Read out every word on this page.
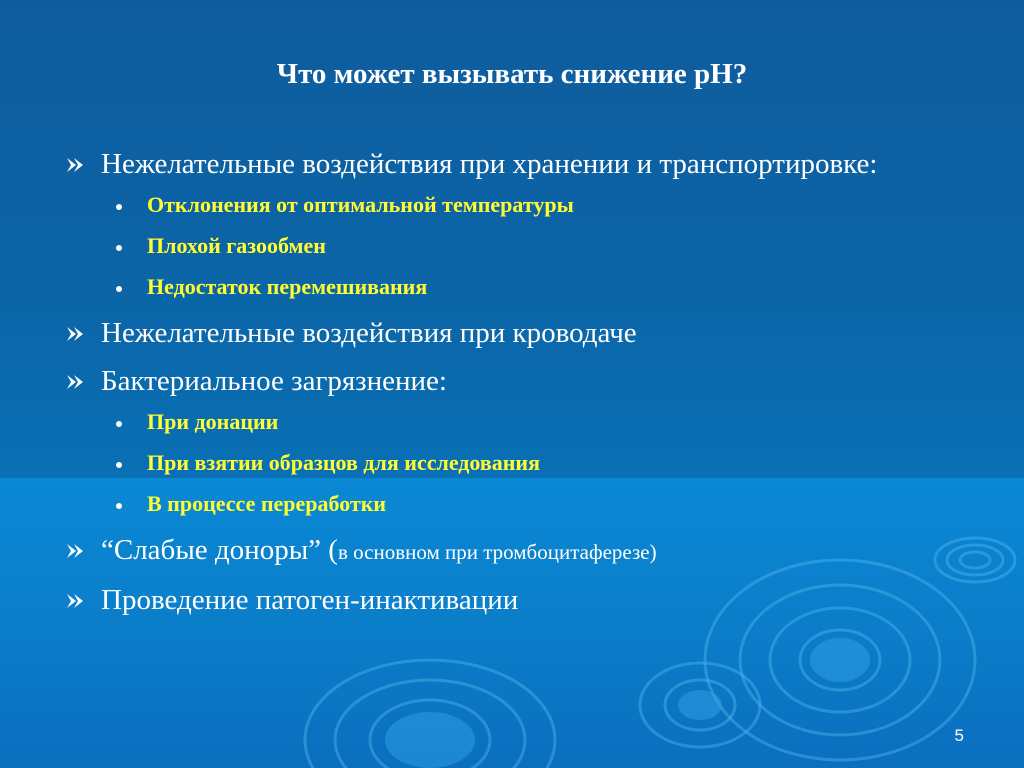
Что может вызывать снижение pH?
Нежелательные воздействия при хранении и транспортировке:
Отклонения от оптимальной температуры
Плохой газообмен
Недостаток перемешивания
Нежелательные воздействия при кроводаче
Бактериальное загрязнение:
При донации
При взятии образцов для исследования
В процессе переработки
“Слабые доноры” (в основном при тромбоцитаферезе)
Проведение патоген-инактивации
5
